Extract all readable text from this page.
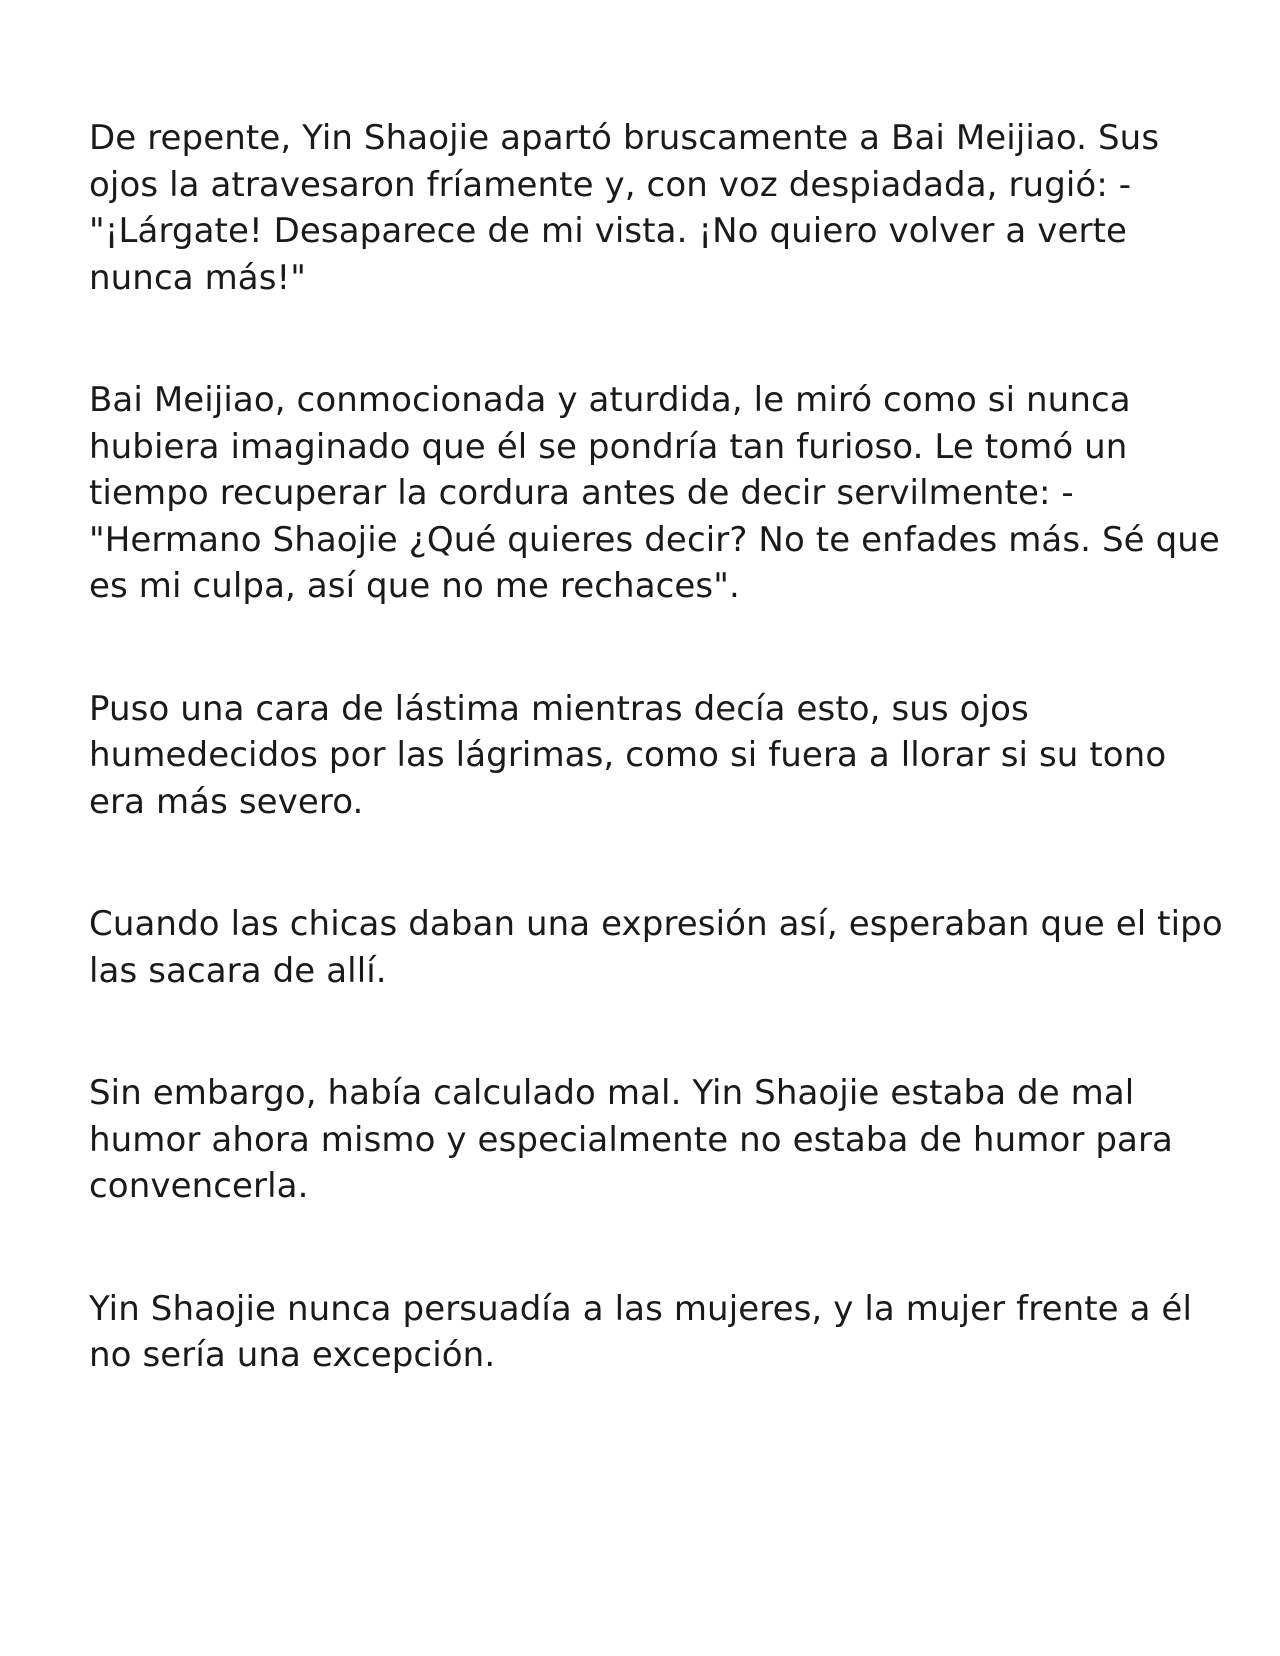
De repente, Yin Shaojie apartó bruscamente a Bai Meijiao. Sus ojos la atravesaron fríamente y, con voz despiadada, rugió: -"¡Lárgate! Desaparece de mi vista. ¡No quiero volver a verte nunca más!"

Bai Meijiao, conmocionada y aturdida, le miró como si nunca hubiera imaginado que él se pondría tan furioso. Le tomó un tiempo recuperar la cordura antes de decir servilmente: -"Hermano Shaojie ¿Qué quieres decir? No te enfades más. Sé que es mi culpa, así que no me rechaces".

Puso una cara de lástima mientras decía esto, sus ojos humedecidos por las lágrimas, como si fuera a llorar si su tono era más severo.

Cuando las chicas daban una expresión así, esperaban que el tipo las sacara de allí.

Sin embargo, había calculado mal. Yin Shaojie estaba de mal humor ahora mismo y especialmente no estaba de humor para convencerla.

Yin Shaojie nunca persuadía a las mujeres, y la mujer frente a él no sería una excepción.
